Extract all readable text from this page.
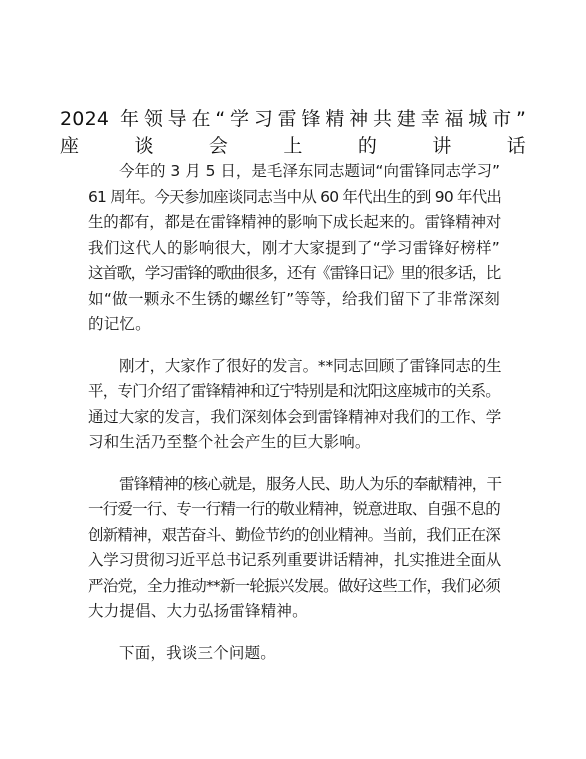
2024 年领导在“学习雷锋精神共建幸福城市”
座谈会上的讲话

今年的 3 月 5 日，是毛泽东同志题词“向雷锋同志学习”
61 周年。今天参加座谈同志当中从 60 年代出生的到 90 年代出
生的都有，都是在雷锋精神的影响下成长起来的。雷锋精神对
我们这代人的影响很大，刚才大家提到了“学习雷锋好榜样”
这首歌，学习雷锋的歌曲很多，还有《雷锋日记》里的很多话，比
如“做一颗永不生锈的螺丝钉”等等，给我们留下了非常深刻
的记忆。

刚才，大家作了很好的发言。**同志回顾了雷锋同志的生
平，专门介绍了雷锋精神和辽宁特别是和沈阳这座城市的关系。
通过大家的发言，我们深刻体会到雷锋精神对我们的工作、学
习和生活乃至整个社会产生的巨大影响。

雷锋精神的核心就是，服务人民、助人为乐的奉献精神，干
一行爱一行、专一行精一行的敬业精神，锐意进取、自强不息的
创新精神，艰苦奋斗、勤俭节约的创业精神。当前，我们正在深
入学习贯彻习近平总书记系列重要讲话精神，扎实推进全面从
严治党，全力推动**新一轮振兴发展。做好这些工作，我们必须
大力提倡、大力弘扬雷锋精神。

下面，我谈三个问题。
